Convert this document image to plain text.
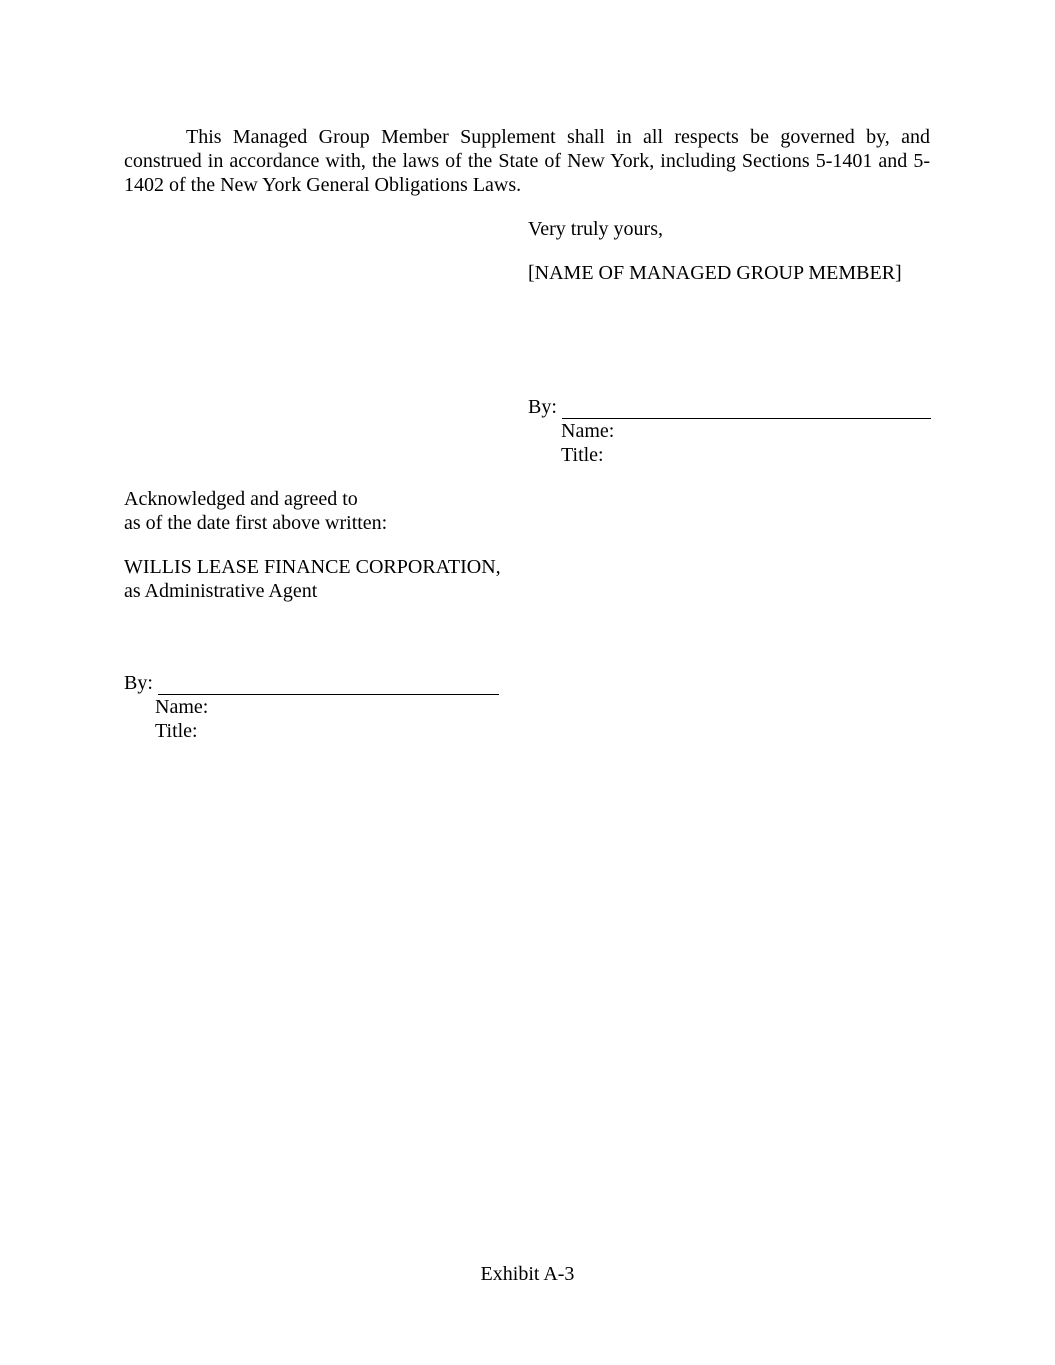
This Managed Group Member Supplement shall in all respects be governed by, and construed in accordance with, the laws of the State of New York, including Sections 5-1401 and 5-1402 of the New York General Obligations Laws.

Very truly yours,

[NAME OF MANAGED GROUP MEMBER]

By:

Name:

Title:

Acknowledged and agreed to

as of the date first above written:

WILLIS LEASE FINANCE CORPORATION,

as Administrative Agent

By:

Name:

Title:

Exhibit A-3
